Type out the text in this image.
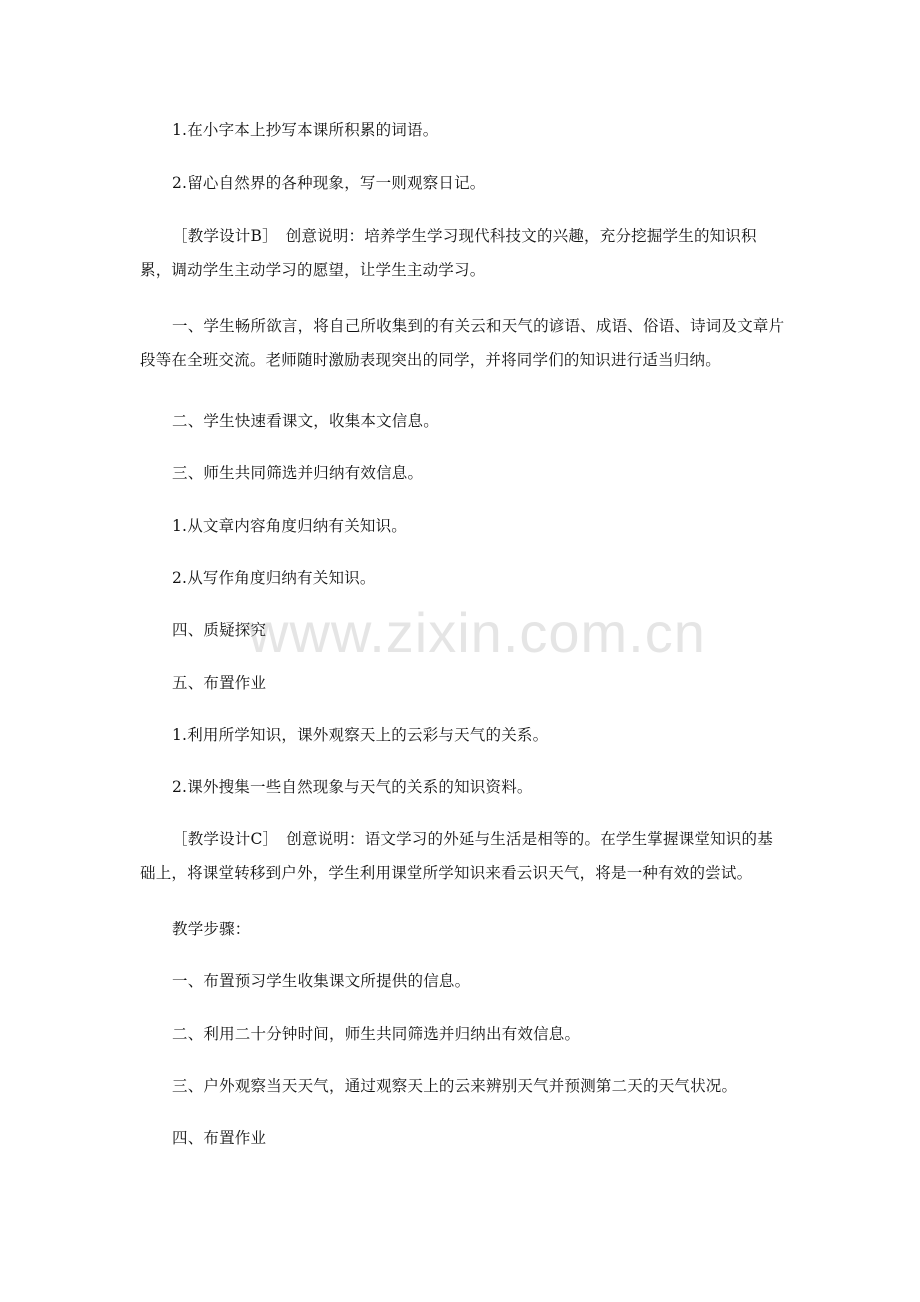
1.在小字本上抄写本课所积累的词语。

2.留心自然界的各种现象，写一则观察日记。

［教学设计B］　创意说明：培养学生学习现代科技文的兴趣，充分挖掘学生的知识积累，调动学生主动学习的愿望，让学生主动学习。

一、学生畅所欲言，将自己所收集到的有关云和天气的谚语、成语、俗语、诗词及文章片段等在全班交流。老师随时激励表现突出的同学，并将同学们的知识进行适当归纳。

二、学生快速看课文，收集本文信息。

三、师生共同筛选并归纳有效信息。

1.从文章内容角度归纳有关知识。

2.从写作角度归纳有关知识。

四、质疑探究

五、布置作业

1.利用所学知识，课外观察天上的云彩与天气的关系。

2.课外搜集一些自然现象与天气的关系的知识资料。

［教学设计C］　创意说明：语文学习的外延与生活是相等的。在学生掌握课堂知识的基础上，将课堂转移到户外，学生利用课堂所学知识来看云识天气，将是一种有效的尝试。

教学步骤：

一、布置预习学生收集课文所提供的信息。

二、利用二十分钟时间，师生共同筛选并归纳出有效信息。

三、户外观察当天天气，通过观察天上的云来辨别天气并预测第二天的天气状况。

四、布置作业

www.zixin.com.cn
